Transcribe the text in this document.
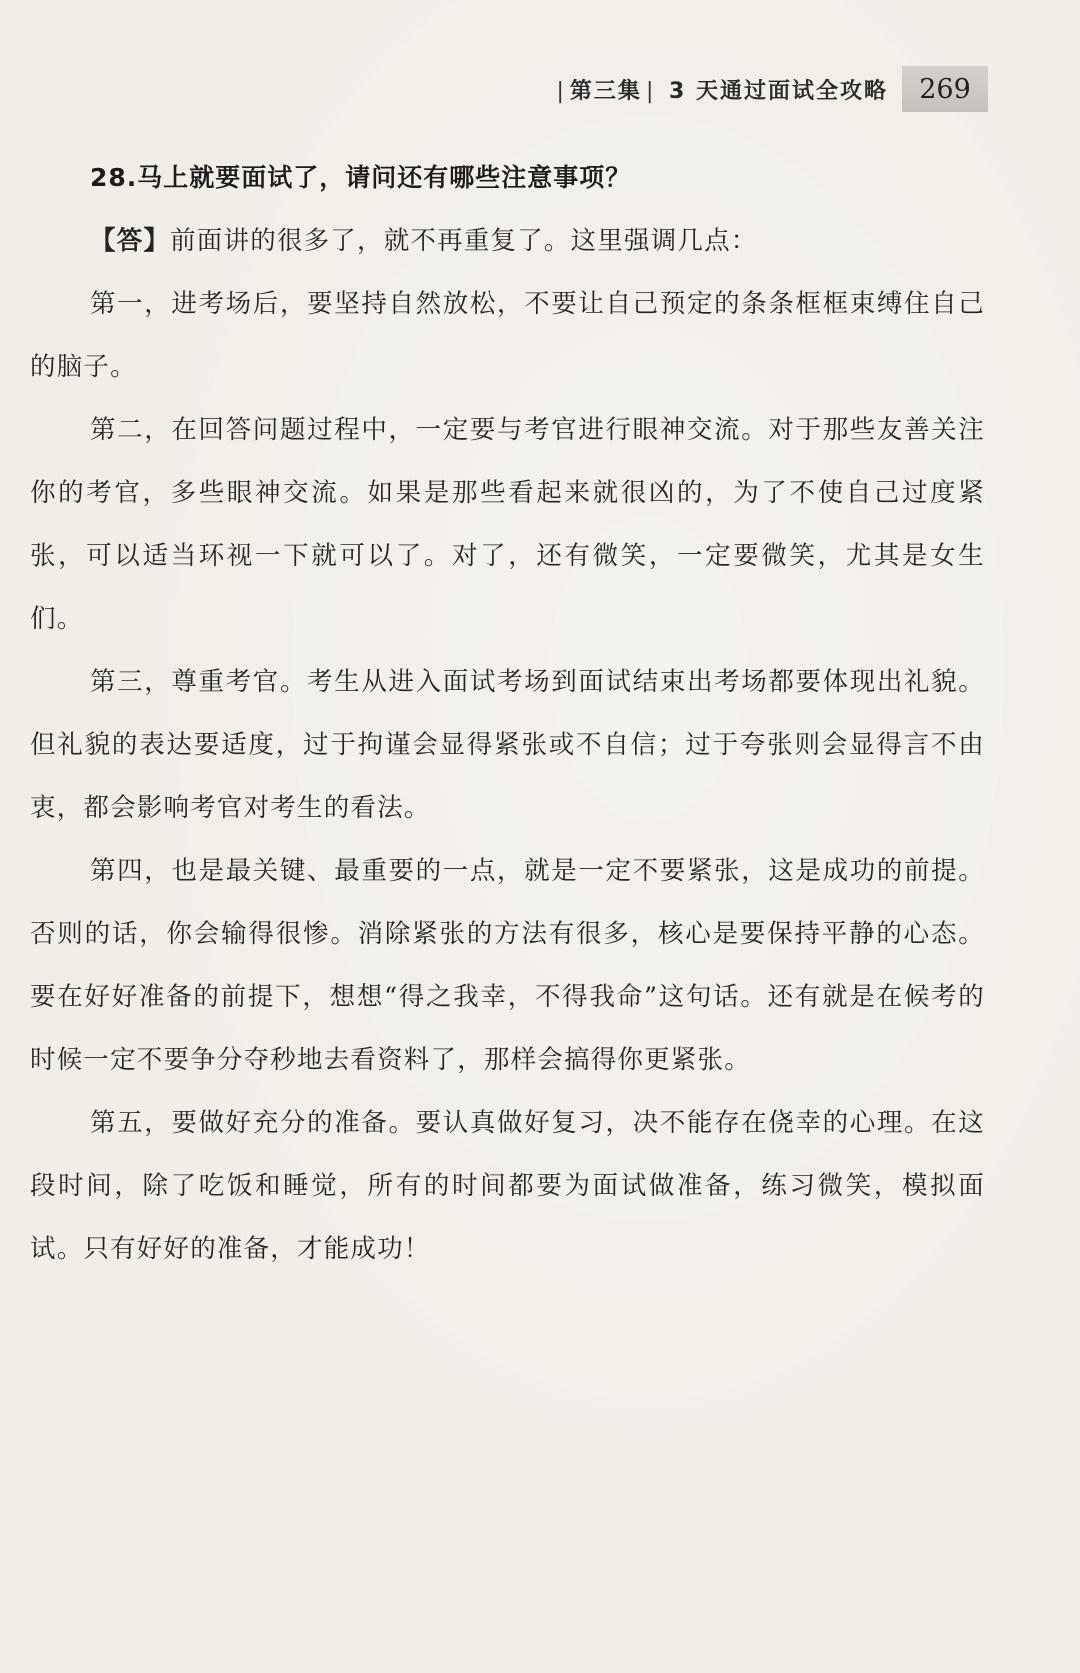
| 第三集 | 3 天通过面试全攻略 269
28.马上就要面试了，请问还有哪些注意事项？

【答】前面讲的很多了，就不再重复了。这里强调几点：

第一，进考场后，要坚持自然放松，不要让自己预定的条条框框束缚住自己的脑子。

第二，在回答问题过程中，一定要与考官进行眼神交流。对于那些友善关注你的考官，多些眼神交流。如果是那些看起来就很凶的，为了不使自己过度紧张，可以适当环视一下就可以了。对了，还有微笑，一定要微笑，尤其是女生们。

第三，尊重考官。考生从进入面试考场到面试结束出考场都要体现出礼貌。但礼貌的表达要适度，过于拘谨会显得紧张或不自信；过于夸张则会显得言不由衷，都会影响考官对考生的看法。

第四，也是最关键、最重要的一点，就是一定不要紧张，这是成功的前提。否则的话，你会输得很惨。消除紧张的方法有很多，核心是要保持平静的心态。要在好好准备的前提下，想想“得之我幸，不得我命”这句话。还有就是在候考的时候一定不要争分夺秒地去看资料了，那样会搞得你更紧张。

第五，要做好充分的准备。要认真做好复习，决不能存在侥幸的心理。在这段时间，除了吃饭和睡觉，所有的时间都要为面试做准备，练习微笑，模拟面试。只有好好的准备，才能成功！
